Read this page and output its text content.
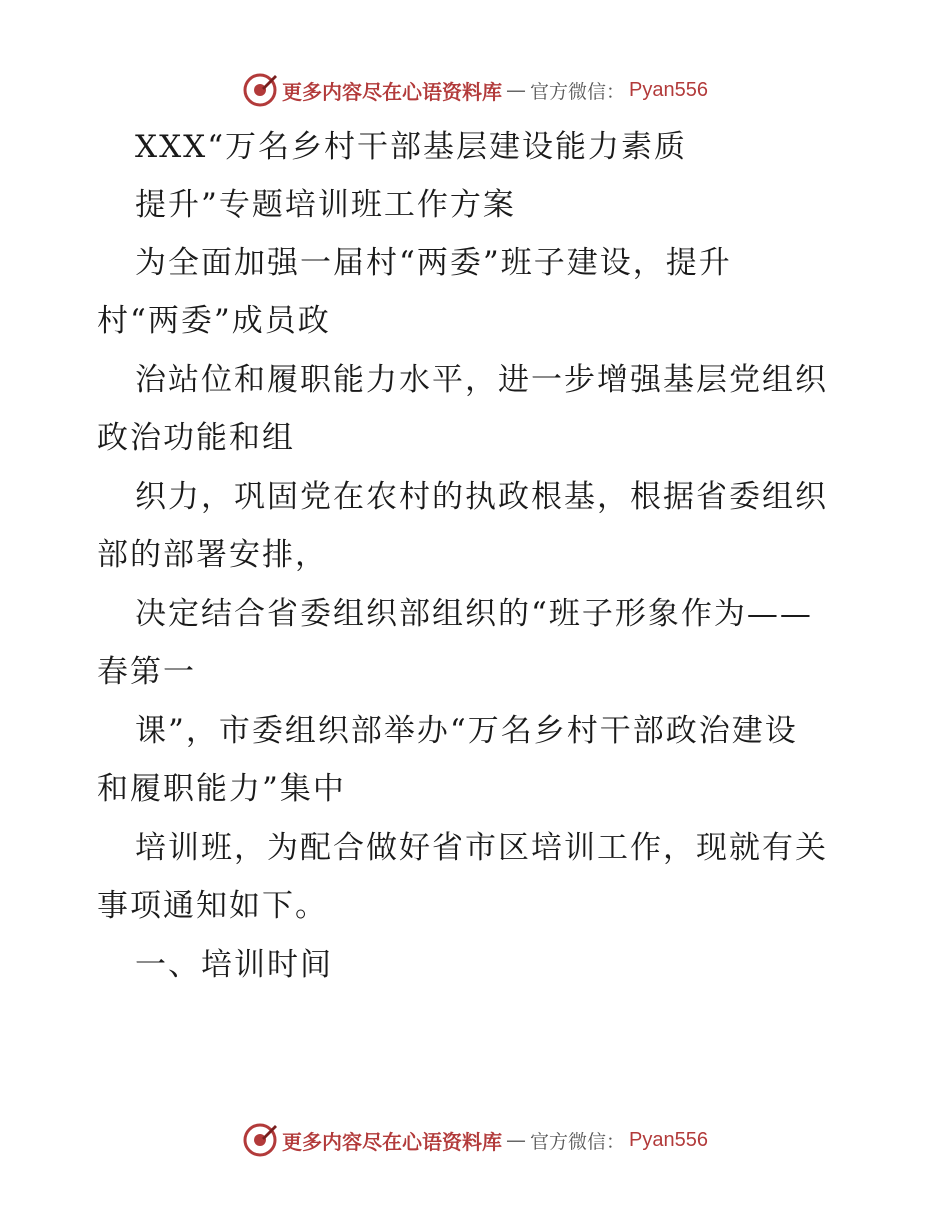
更多内容尽在心语资料库 — 官方微信： Pyan556
XXX“万名乡村干部基层建设能力素质
提升”专题培训班工作方案
为全面加强一届村“两委”班子建设，提升
村“两委”成员政
治站位和履职能力水平，进一步增强基层党组织
政治功能和组
织力，巩固党在农村的执政根基，根据省委组织
部的部署安排，
决定结合省委组织部组织的“班子形象作为——
春第一
课”，市委组织部举办“万名乡村干部政治建设
和履职能力”集中
培训班，为配合做好省市区培训工作，现就有关
事项通知如下。
一、培训时间
更多内容尽在心语资料库 — 官方微信： Pyan556
